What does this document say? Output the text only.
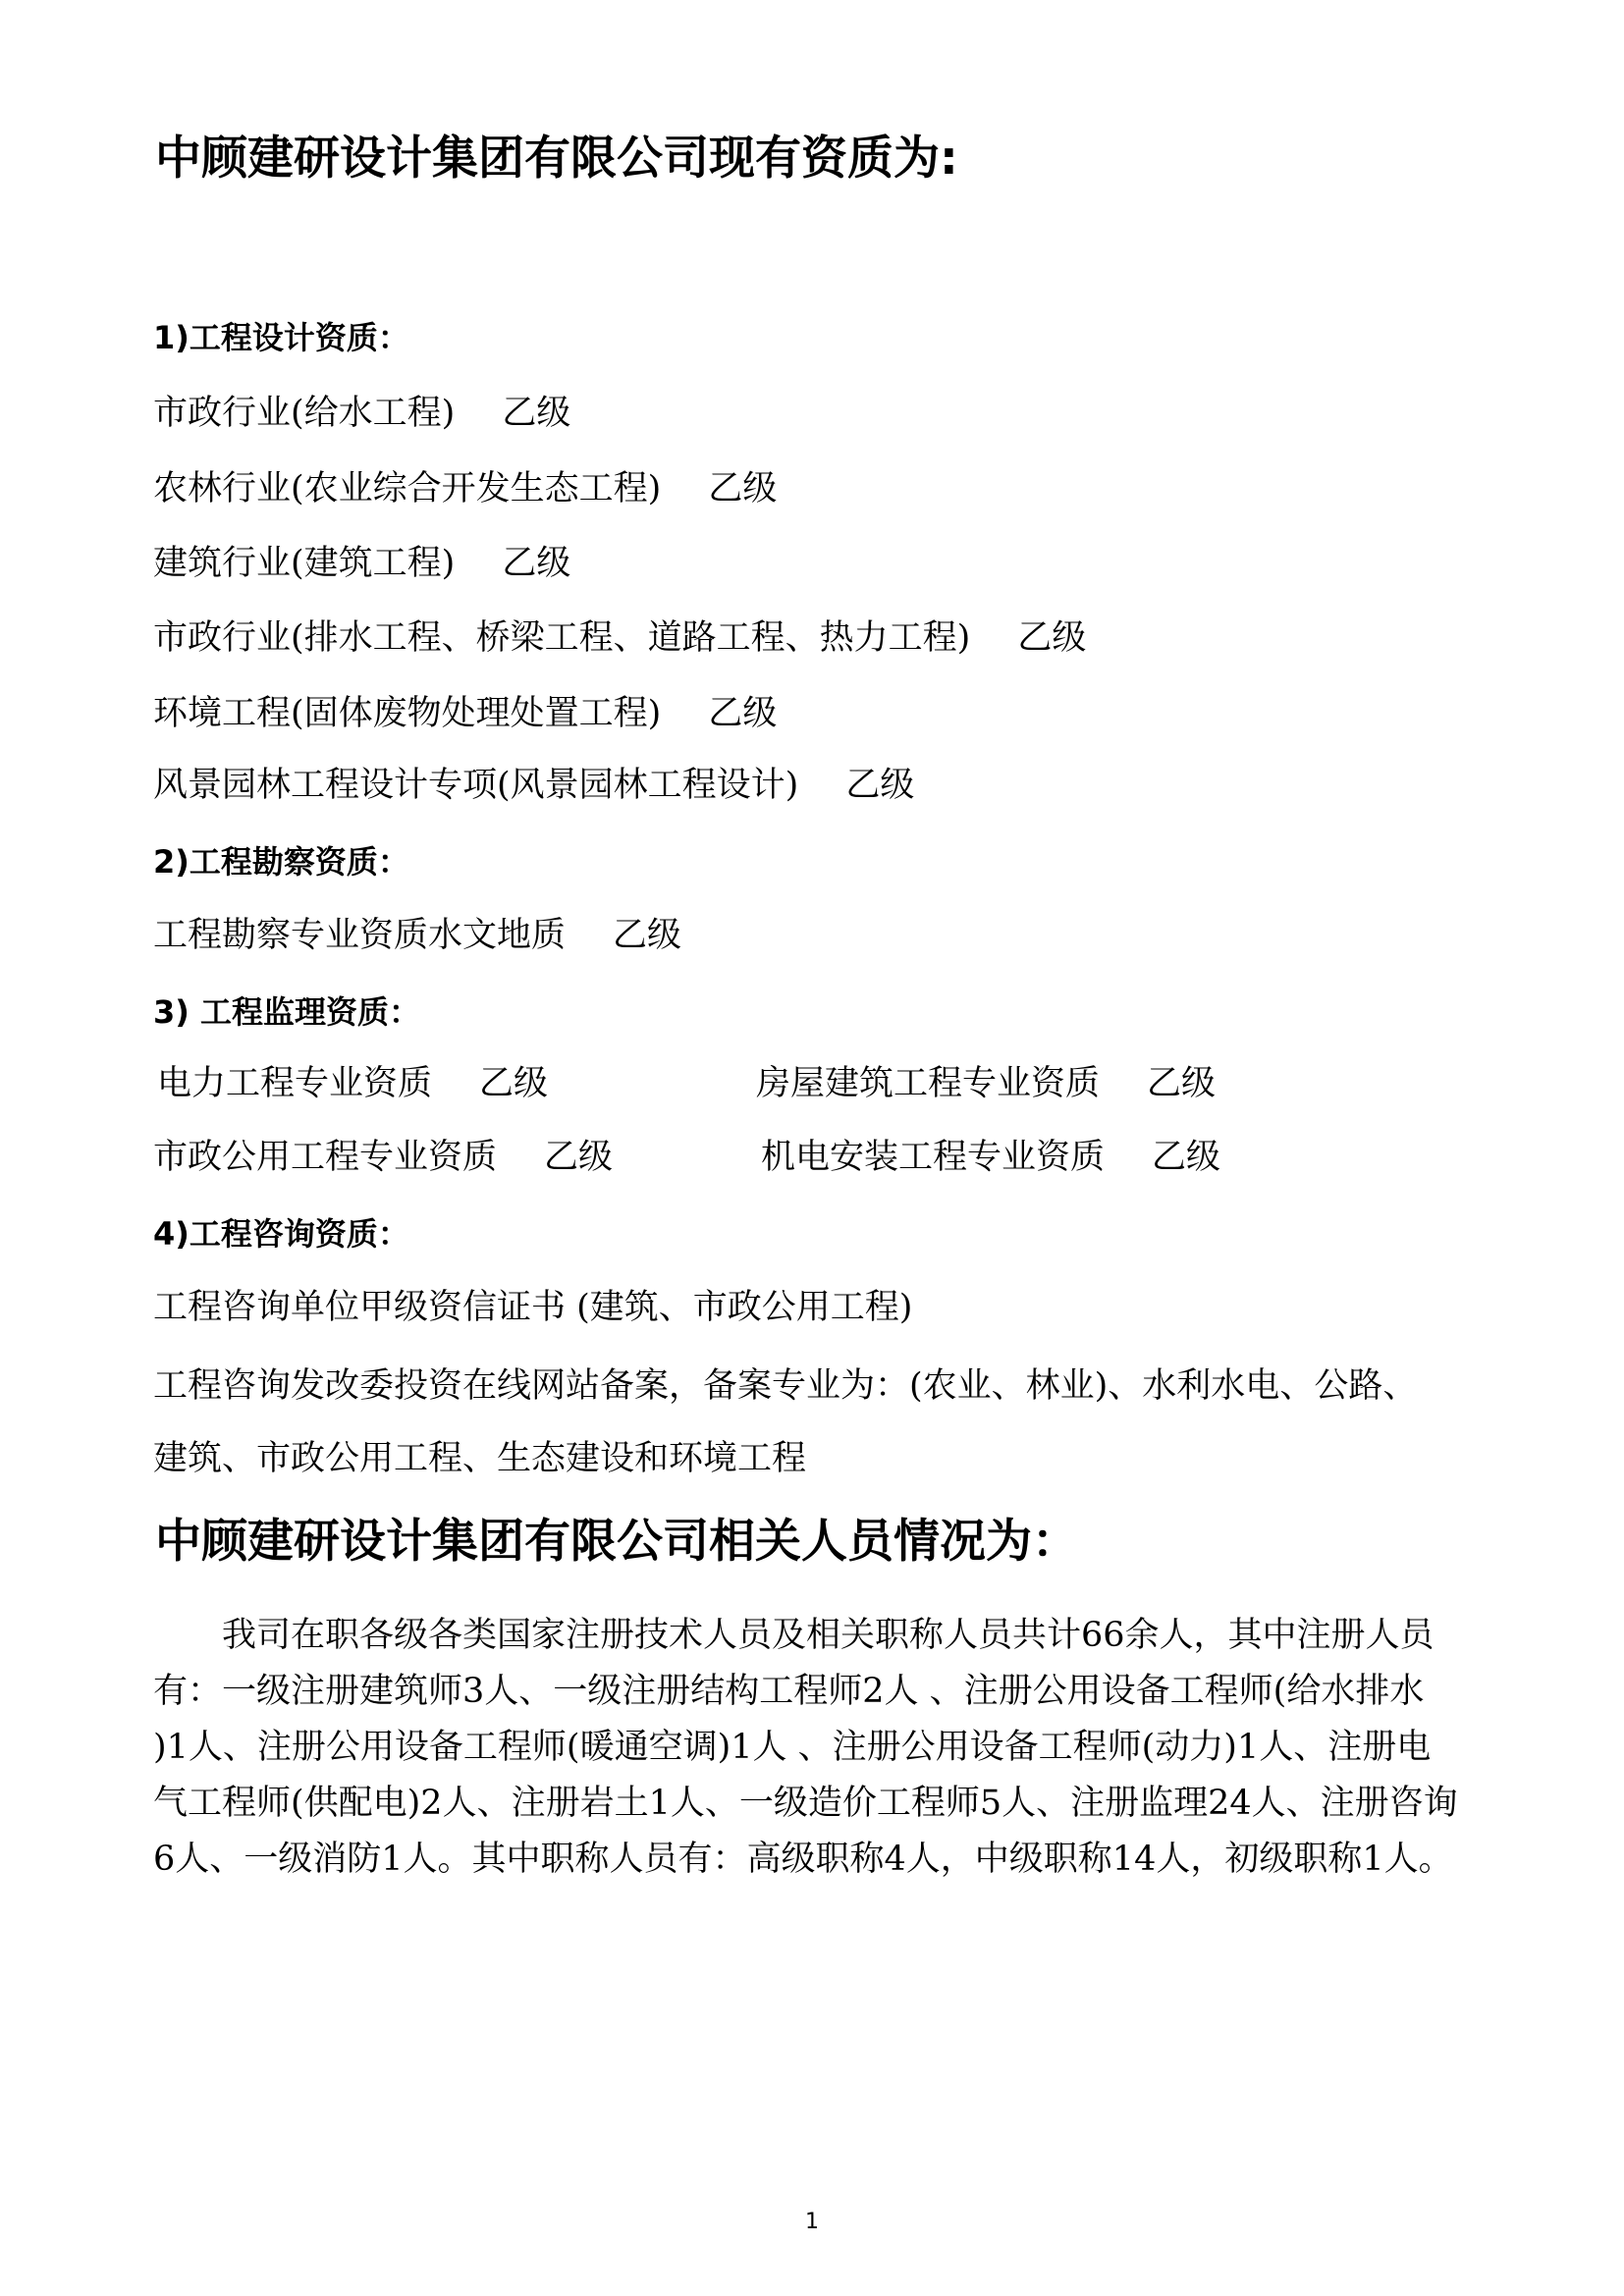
中顾建研设计集团有限公司现有资质为:
1)工程设计资质：
市政行业(给水工程) 乙级
农林行业(农业综合开发生态工程) 乙级
建筑行业(建筑工程) 乙级
市政行业(排水工程、桥梁工程、道路工程、热力工程) 乙级
环境工程(固体废物处理处置工程) 乙级
风景园林工程设计专项(风景园林工程设计) 乙级
2)工程勘察资质：
工程勘察专业资质水文地质 乙级
3) 工程监理资质：
电力工程专业资质 乙级	房屋建筑工程专业资质 乙级
市政公用工程专业资质 乙级	机电安装工程专业资质 乙级
4)工程咨询资质：
工程咨询单位甲级资信证书 (建筑、市政公用工程)
工程咨询发改委投资在线网站备案，备案专业为：(农业、林业)、水利水电、公路、
建筑、市政公用工程、生态建设和环境工程
中顾建研设计集团有限公司相关人员情况为：
我司在职各级各类国家注册技术人员及相关职称人员共计66余人，其中注册人员
有：一级注册建筑师3人、一级注册结构工程师2人 、注册公用设备工程师(给水排水
)1人、注册公用设备工程师(暖通空调)1人 、注册公用设备工程师(动力)1人、注册电
气工程师(供配电)2人、注册岩土1人、一级造价工程师5人、注册监理24人、注册咨询
6人、一级消防1人。其中职称人员有：高级职称4人，中级职称14人，初级职称1人。
1
